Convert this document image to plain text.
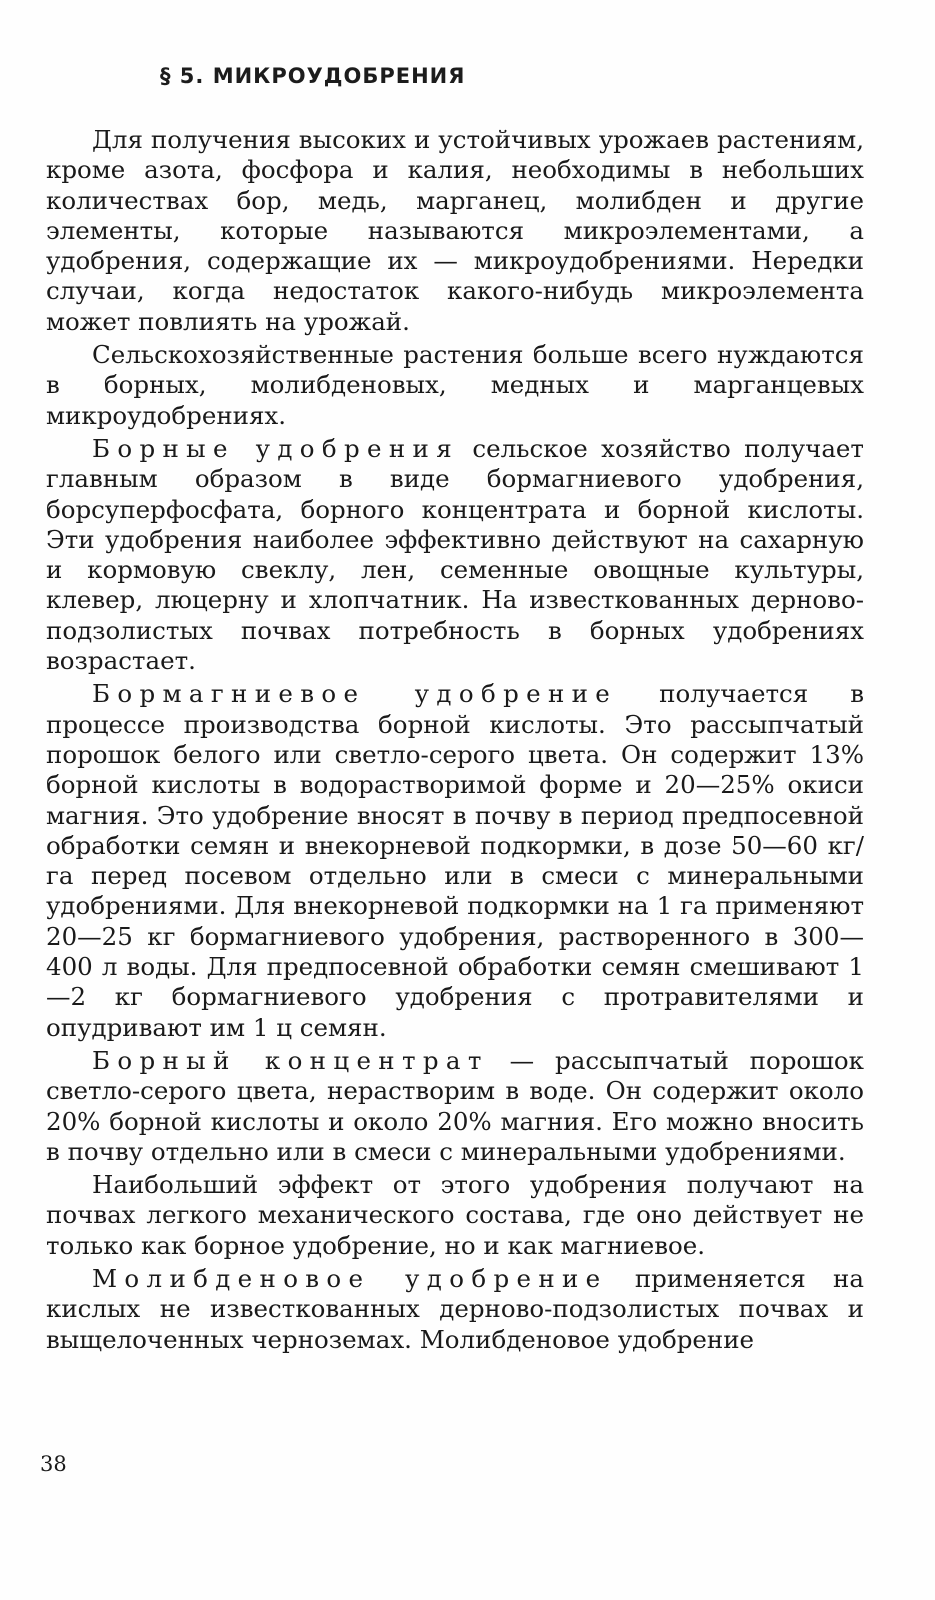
§ 5. МИКРОУДОБРЕНИЯ

Для получения высоких и устойчивых урожаев растениям, кроме азота, фосфора и калия, необходимы в небольших количествах бор, медь, марганец, молибден и другие элементы, которые называются микроэлементами, а удобрения, содержащие их — микроудобрениями. Нередки случаи, когда недостаток какого-нибудь микроэлемента может повлиять на урожай.

Сельскохозяйственные растения больше всего нуждаются в борных, молибденовых, медных и марганцевых микроудобрениях.

Борные удобрения сельское хозяйство получает главным образом в виде бормагниевого удобрения, борсуперфосфата, борного концентрата и борной кислоты. Эти удобрения наиболее эффективно действуют на сахарную и кормовую свеклу, лен, семенные овощные культуры, клевер, люцерну и хлопчатник. На известкованных дерново-подзолистых почвах потребность в борных удобрениях возрастает.

Бормагниевое удобрение получается в процессе производства борной кислоты. Это рассыпчатый порошок белого или светло-серого цвета. Он содержит 13% борной кислоты в водорастворимой форме и 20—25% окиси магния. Это удобрение вносят в почву в период предпосевной обработки семян и внекорневой подкормки, в дозе 50—60 кг/га перед посевом отдельно или в смеси с минеральными удобрениями. Для внекорневой подкормки на 1 га применяют 20—25 кг бормагниевого удобрения, растворенного в 300—400 л воды. Для предпосевной обработки семян смешивают 1—2 кг бормагниевого удобрения с протравителями и опудривают им 1 ц семян.

Борный концентрат — рассыпчатый порошок светло-серого цвета, нерастворим в воде. Он содержит около 20% борной кислоты и около 20% магния. Его можно вносить в почву отдельно или в смеси с минеральными удобрениями.

Наибольший эффект от этого удобрения получают на почвах легкого механического состава, где оно действует не только как борное удобрение, но и как магниевое.

Молибденовое удобрение применяется на кислых не известкованных дерново-подзолистых почвах и выщелоченных черноземах. Молибденовое удобрение

38
